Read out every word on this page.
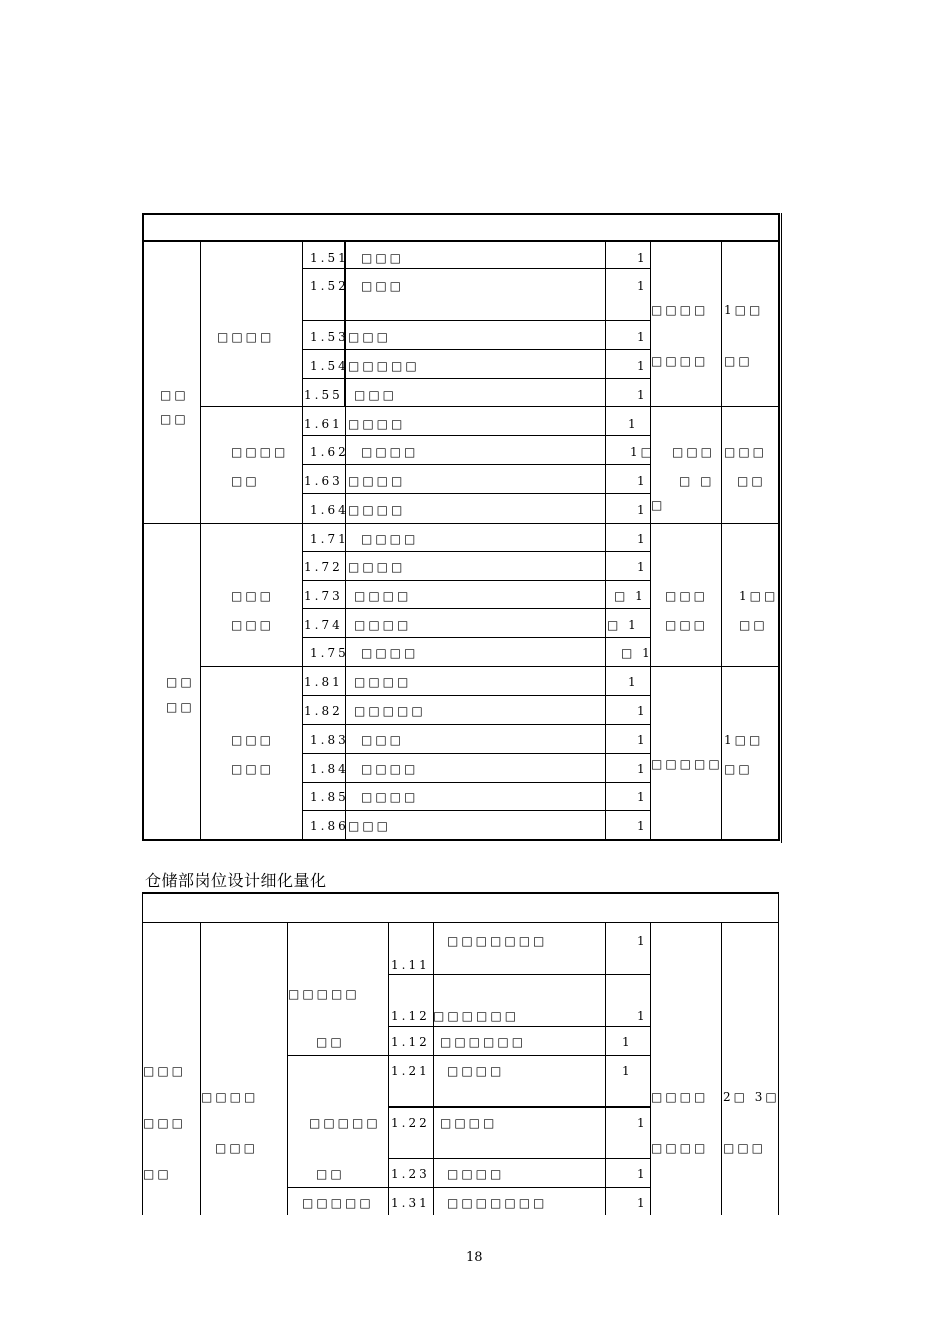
1.51
1.52
1.53
1.54
1.55
1.61
1.62
1.63
1.64
1.71
1.72
1.73
1.74
1.75
1.81
1.82
1.83
1.84
1.85
1.86
□□□
□□□
□□□
□□□□□
□□□
□□□□
□□□□
□□□□
□□□□
□□□□
□□□□
□□□□
□□□□
□□□□
□□□□
□□□□□
□□□
□□□□
□□□□
□□□
1
1
1
1
1
1
1□
1
1
1
1
□ 1
□ 1
□ 1
1
1
1
1
1
1
□□
□□
□□
□□
□□□□
□□□□
□□
□□□
□□□
□□□
□□□
□□□□
□□□□
□□□
□ □
□
□□□
□□□
□□□□□
1□□
□□
□□□
□□
1□□
□□
1□□
□□
仓储部岗位设计细化量化
1.11
1.12
1.12
1.21
1.22
1.23
1.31
□□□□□□□
□□□□□□
□□□□□□
□□□□
□□□□
□□□□
□□□□□□□
1
1
1
1
1
1
1
□□□
□□□
□□
□□□□
□□□
□□□□□
□□
□□□□□
□□
□□□□□
□□□□
□□□□
2□ 3□
□□□
18
